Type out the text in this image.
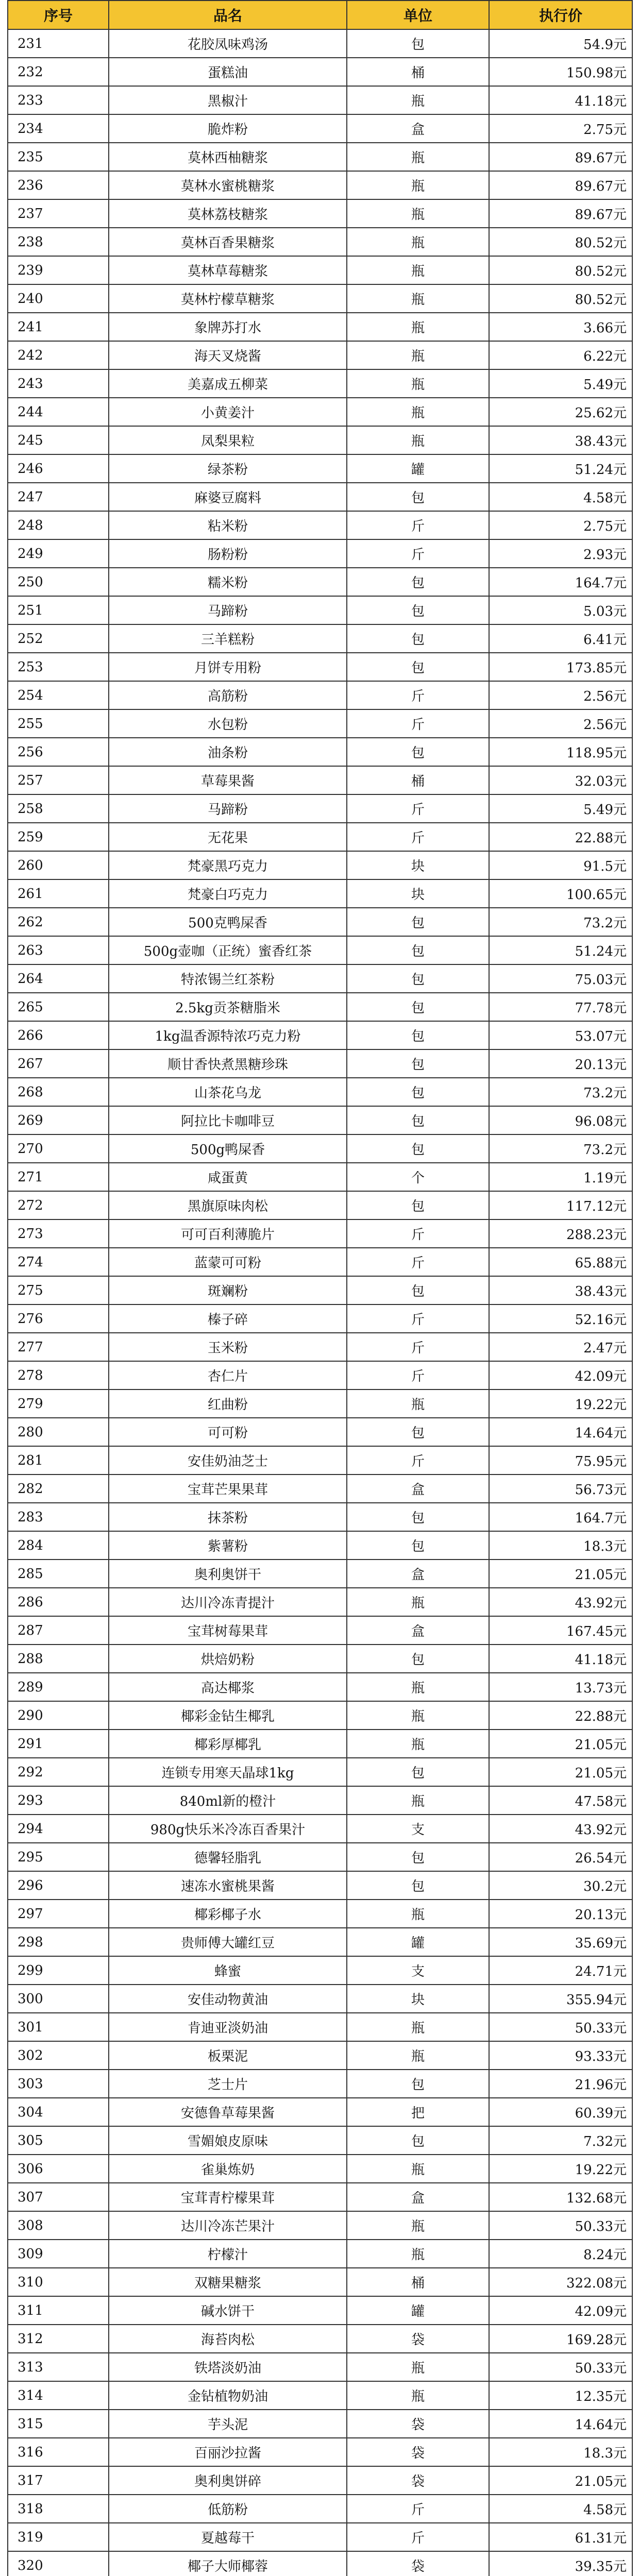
序号	品名	单位	执行价
231	花胶凤味鸡汤	包	54.9元
232	蛋糕油	桶	150.98元
233	黑椒汁	瓶	41.18元
234	脆炸粉	盒	2.75元
235	莫林西柚糖浆	瓶	89.67元
236	莫林水蜜桃糖浆	瓶	89.67元
237	莫林荔枝糖浆	瓶	89.67元
238	莫林百香果糖浆	瓶	80.52元
239	莫林草莓糖浆	瓶	80.52元
240	莫林柠檬草糖浆	瓶	80.52元
241	象牌苏打水	瓶	3.66元
242	海天叉烧酱	瓶	6.22元
243	美嘉成五柳菜	瓶	5.49元
244	小黄姜汁	瓶	25.62元
245	凤梨果粒	瓶	38.43元
246	绿茶粉	罐	51.24元
247	麻婆豆腐料	包	4.58元
248	粘米粉	斤	2.75元
249	肠粉粉	斤	2.93元
250	糯米粉	包	164.7元
251	马蹄粉	包	5.03元
252	三羊糕粉	包	6.41元
253	月饼专用粉	包	173.85元
254	高筋粉	斤	2.56元
255	水包粉	斤	2.56元
256	油条粉	包	118.95元
257	草莓果酱	桶	32.03元
258	马蹄粉	斤	5.49元
259	无花果	斤	22.88元
260	梵豪黑巧克力	块	91.5元
261	梵豪白巧克力	块	100.65元
262	500克鸭屎香	包	73.2元
263	500g壶咖（正统）蜜香红茶	包	51.24元
264	特浓锡兰红茶粉	包	75.03元
265	2.5kg贡茶糖脂米	包	77.78元
266	1kg温香源特浓巧克力粉	包	53.07元
267	顺甘香快煮黑糖珍珠	包	20.13元
268	山茶花乌龙	包	73.2元
269	阿拉比卡咖啡豆	包	96.08元
270	500g鸭屎香	包	73.2元
271	咸蛋黄	个	1.19元
272	黑旗原味肉松	包	117.12元
273	可可百利薄脆片	斤	288.23元
274	蓝蒙可可粉	斤	65.88元
275	斑斓粉	包	38.43元
276	榛子碎	斤	52.16元
277	玉米粉	斤	2.47元
278	杏仁片	斤	42.09元
279	红曲粉	瓶	19.22元
280	可可粉	包	14.64元
281	安佳奶油芝士	斤	75.95元
282	宝茸芒果果茸	盒	56.73元
283	抹茶粉	包	164.7元
284	紫薯粉	包	18.3元
285	奥利奥饼干	盒	21.05元
286	达川冷冻青提汁	瓶	43.92元
287	宝茸树莓果茸	盒	167.45元
288	烘焙奶粉	包	41.18元
289	高达椰浆	瓶	13.73元
290	椰彩金钻生椰乳	瓶	22.88元
291	椰彩厚椰乳	瓶	21.05元
292	连锁专用寒天晶球1kg	包	21.05元
293	840ml新的橙汁	瓶	47.58元
294	980g快乐米冷冻百香果汁	支	43.92元
295	德馨轻脂乳	包	26.54元
296	速冻水蜜桃果酱	包	30.2元
297	椰彩椰子水	瓶	20.13元
298	贵师傅大罐红豆	罐	35.69元
299	蜂蜜	支	24.71元
300	安佳动物黄油	块	355.94元
301	肯迪亚淡奶油	瓶	50.33元
302	板栗泥	瓶	93.33元
303	芝士片	包	21.96元
304	安德鲁草莓果酱	把	60.39元
305	雪媚娘皮原味	包	7.32元
306	雀巢炼奶	瓶	19.22元
307	宝茸青柠檬果茸	盒	132.68元
308	达川冷冻芒果汁	瓶	50.33元
309	柠檬汁	瓶	8.24元
310	双糖果糖浆	桶	322.08元
311	碱水饼干	罐	42.09元
312	海苔肉松	袋	169.28元
313	铁塔淡奶油	瓶	50.33元
314	金钻植物奶油	瓶	12.35元
315	芋头泥	袋	14.64元
316	百丽沙拉酱	袋	18.3元
317	奥利奥饼碎	袋	21.05元
318	低筋粉	斤	4.58元
319	夏越莓干	斤	61.31元
320	椰子大师椰蓉	袋	39.35元
